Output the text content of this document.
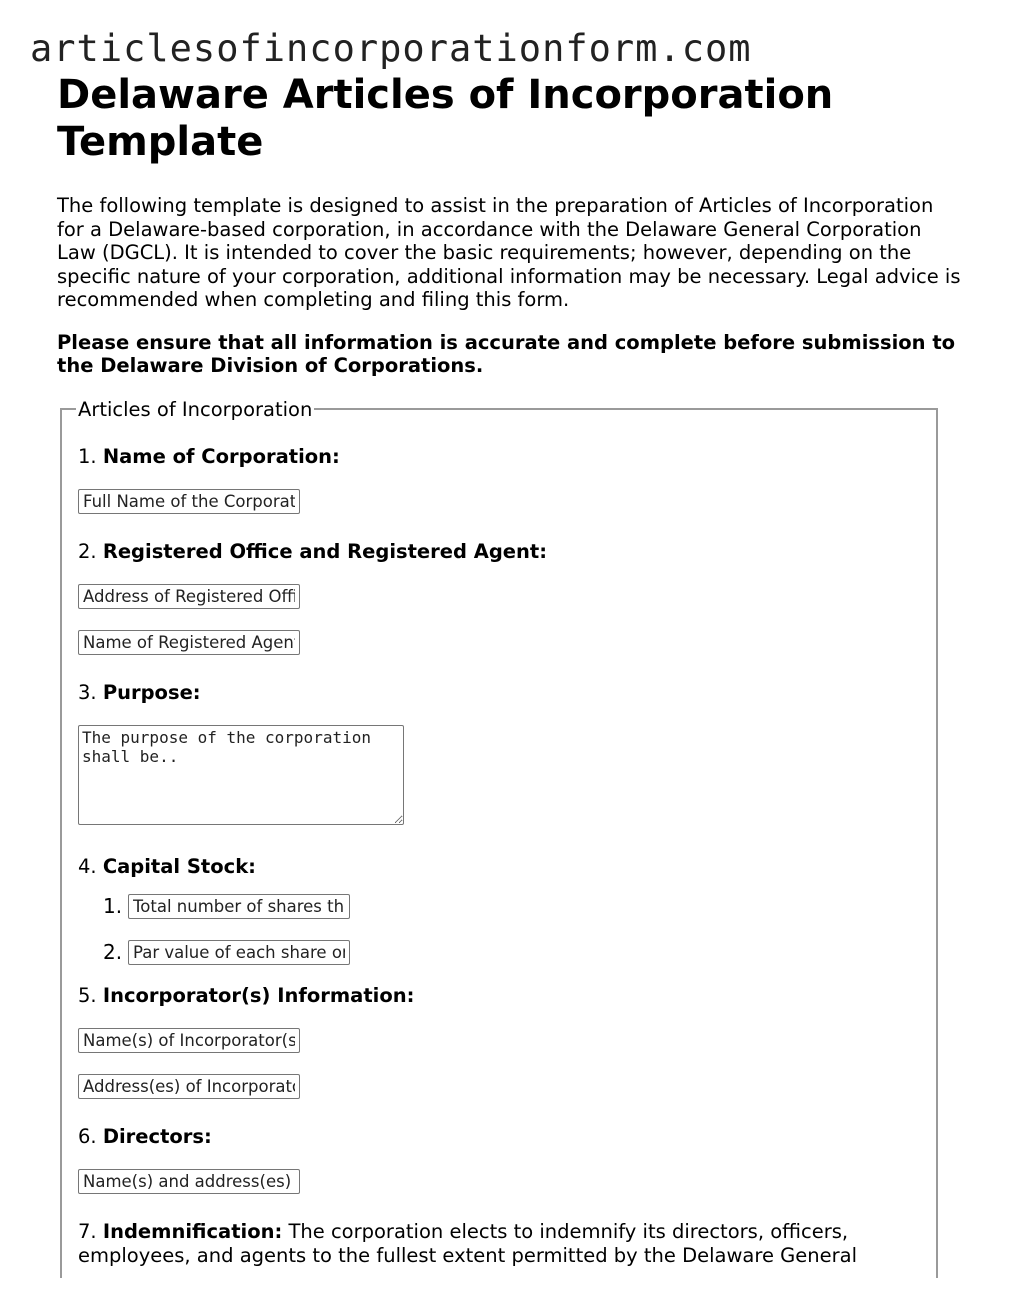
articlesofincorporationform.com
Delaware Articles of Incorporation Template

The following template is designed to assist in the preparation of Articles of Incorporation for a Delaware-based corporation, in accordance with the Delaware General Corporation Law (DGCL). It is intended to cover the basic requirements; however, depending on the specific nature of your corporation, additional information may be necessary. Legal advice is recommended when completing and filing this form.

Please ensure that all information is accurate and complete before submission to the Delaware Division of Corporations.

Articles of Incorporation
1. Name of Corporation:
Full Name of the Corporation
2. Registered Office and Registered Agent:
Address of Registered Office
Name of Registered Agent
3. Purpose:
The purpose of the corporation shall be..
4. Capital Stock:
1.
Total number of shares the corporation is authorized to issue
2.
Par value of each share or statement that shares are without par value
5. Incorporator(s) Information:
Name(s) of Incorporator(s)
Address(es) of Incorporator(s)
6. Directors:
Name(s) and address(es) of initial directors
7. Indemnification: The corporation elects to indemnify its directors, officers, employees, and agents to the fullest extent permitted by the Delaware General
